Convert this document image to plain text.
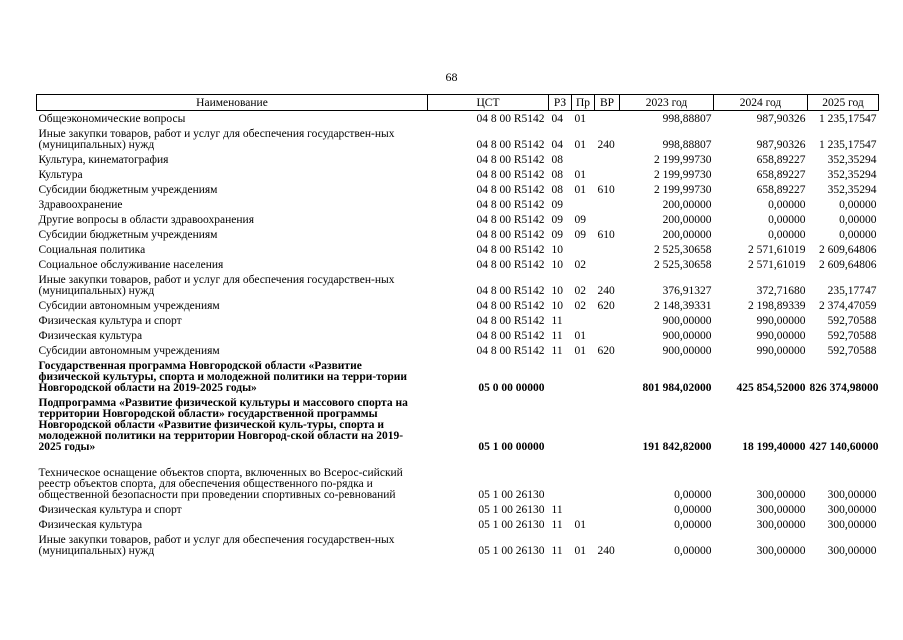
68
Наименование	ЦСТ	РЗ	Пр	ВР	2023 год	2024 год	2025 год
Общеэкономические вопросы	04 8 00 R5142	04	01		998,88807	987,90326	1 235,17547
Иные закупки товаров, работ и услуг для обеспечения государствен-ных (муниципальных) нужд	04 8 00 R5142	04	01	240	998,88807	987,90326	1 235,17547
Культура, кинематография	04 8 00 R5142	08			2 199,99730	658,89227	352,35294
Культура	04 8 00 R5142	08	01		2 199,99730	658,89227	352,35294
Субсидии бюджетным учреждениям	04 8 00 R5142	08	01	610	2 199,99730	658,89227	352,35294
Здравоохранение	04 8 00 R5142	09			200,00000	0,00000	0,00000
Другие вопросы в области здравоохранения	04 8 00 R5142	09	09		200,00000	0,00000	0,00000
Субсидии бюджетным учреждениям	04 8 00 R5142	09	09	610	200,00000	0,00000	0,00000
Социальная политика	04 8 00 R5142	10			2 525,30658	2 571,61019	2 609,64806
Социальное обслуживание населения	04 8 00 R5142	10	02		2 525,30658	2 571,61019	2 609,64806
Иные закупки товаров, работ и услуг для обеспечения государствен-ных (муниципальных) нужд	04 8 00 R5142	10	02	240	376,91327	372,71680	235,17747
Субсидии автономным учреждениям	04 8 00 R5142	10	02	620	2 148,39331	2 198,89339	2 374,47059
Физическая культура и спорт	04 8 00 R5142	11			900,00000	990,00000	592,70588
Физическая культура	04 8 00 R5142	11	01		900,00000	990,00000	592,70588
Субсидии автономным учреждениям	04 8 00 R5142	11	01	620	900,00000	990,00000	592,70588
Государственная программа Новгородской области «Развитие физической культуры, спорта и молодежной политики на терри-тории Новгородской области на 2019-2025 годы»	05 0 00 00000				801 984,02000	425 854,52000	826 374,98000
Подпрограмма «Развитие физической культуры и массового спорта на территории Новгородской области» государственной программы Новгородской области «Развитие физической куль-туры, спорта и молодежной политики на территории Новгород-ской области на 2019-2025 годы»	05 1 00 00000				191 842,82000	18 199,40000	427 140,60000
Техническое оснащение объектов спорта, включенных во Всерос-сийский реестр объектов спорта, для обеспечения общественного по-рядка и общественной безопасности при проведении спортивных со-ревнований	05 1 00 26130				0,00000	300,00000	300,00000
Физическая культура и спорт	05 1 00 26130	11			0,00000	300,00000	300,00000
Физическая культура	05 1 00 26130	11	01		0,00000	300,00000	300,00000
Иные закупки товаров, работ и услуг для обеспечения государствен-ных (муниципальных) нужд	05 1 00 26130	11	01	240	0,00000	300,00000	300,00000
